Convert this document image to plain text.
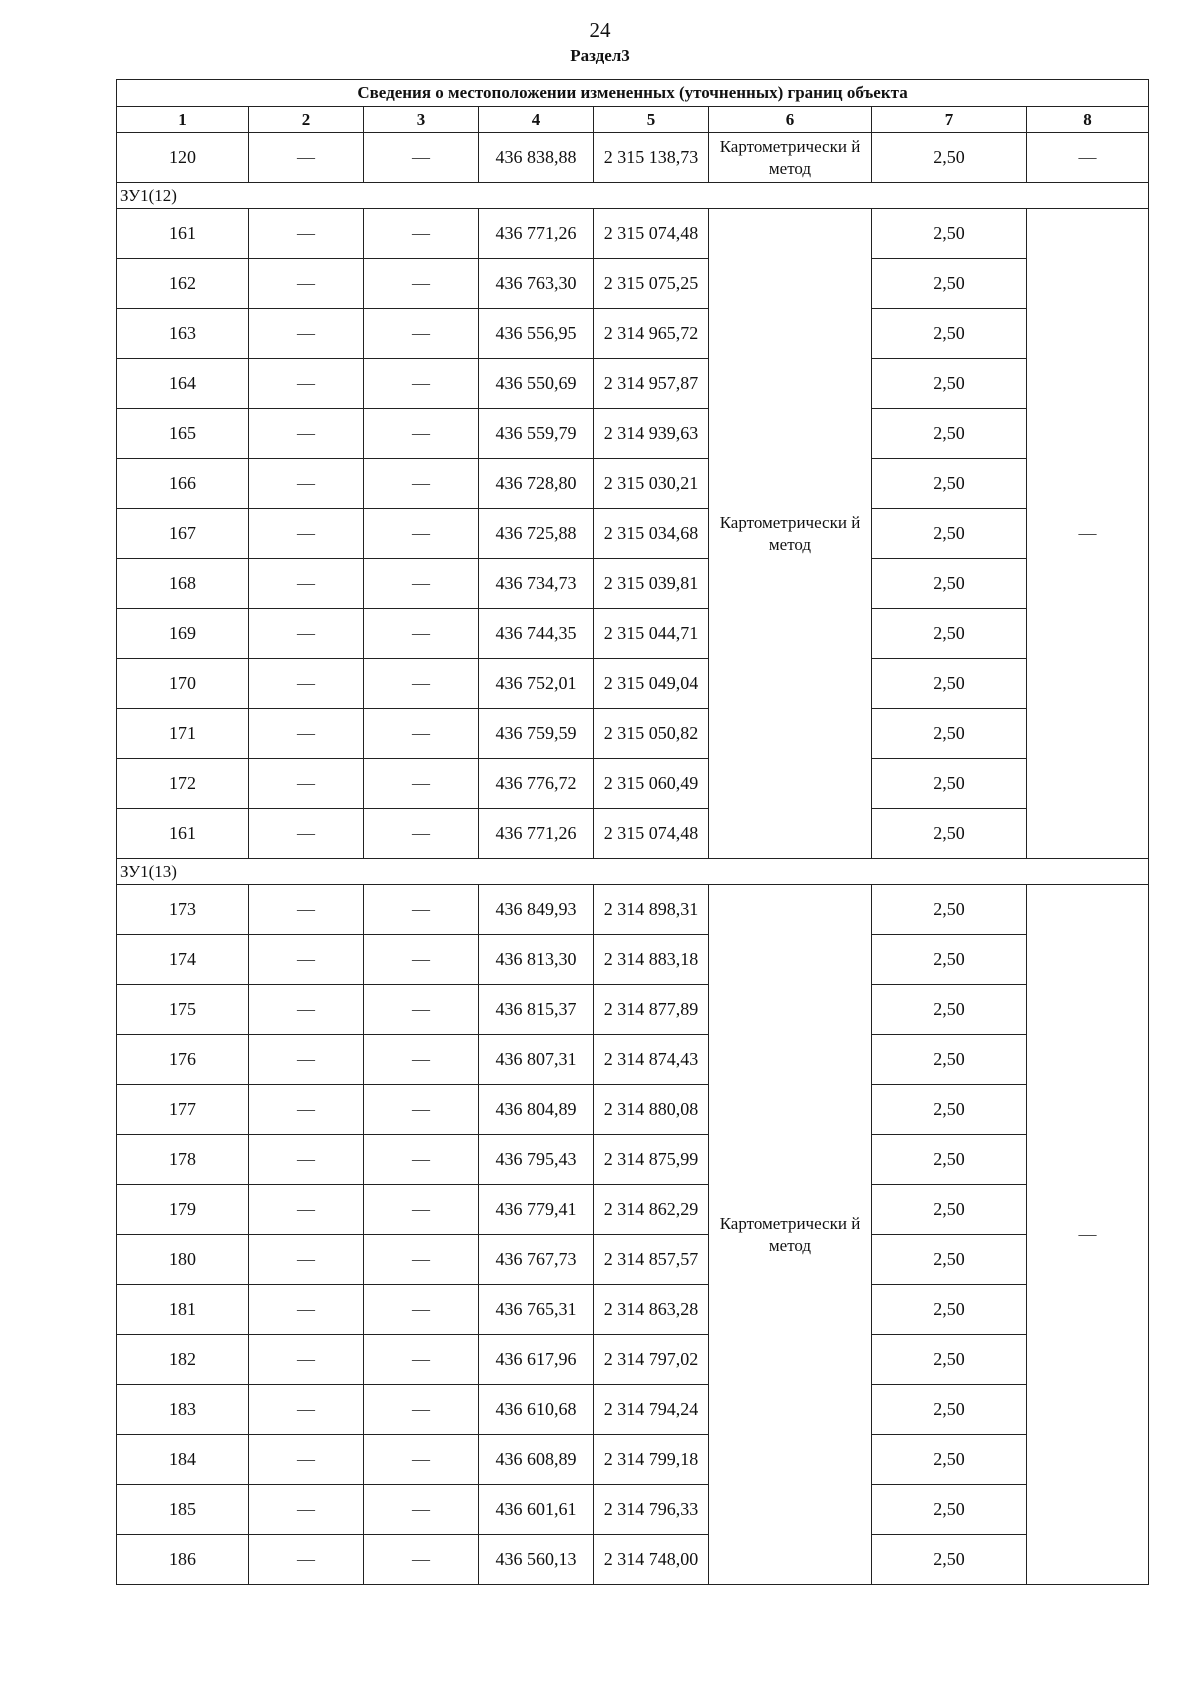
24
Раздел3
Сведения о местоположении измененных (уточненных) границ объекта							
1	2	3	4	5	6	7	8
120	—	—	436 838,88	2 315 138,73	Картометрически й метод	2,50	—
ЗУ1(12)							
161	—	—	436 771,26	2 315 074,48	Картометрически й метод	2,50	—
162	—	—	436 763,30	2 315 075,25		2,50	
163	—	—	436 556,95	2 314 965,72		2,50	
164	—	—	436 550,69	2 314 957,87		2,50	
165	—	—	436 559,79	2 314 939,63		2,50	
166	—	—	436 728,80	2 315 030,21		2,50	
167	—	—	436 725,88	2 315 034,68		2,50	
168	—	—	436 734,73	2 315 039,81		2,50	
169	—	—	436 744,35	2 315 044,71		2,50	
170	—	—	436 752,01	2 315 049,04		2,50	
171	—	—	436 759,59	2 315 050,82		2,50	
172	—	—	436 776,72	2 315 060,49		2,50	
161	—	—	436 771,26	2 315 074,48		2,50	
ЗУ1(13)							
173	—	—	436 849,93	2 314 898,31	Картометрически й метод	2,50	—
174	—	—	436 813,30	2 314 883,18		2,50	
175	—	—	436 815,37	2 314 877,89		2,50	
176	—	—	436 807,31	2 314 874,43		2,50	
177	—	—	436 804,89	2 314 880,08		2,50	
178	—	—	436 795,43	2 314 875,99		2,50	
179	—	—	436 779,41	2 314 862,29		2,50	
180	—	—	436 767,73	2 314 857,57		2,50	
181	—	—	436 765,31	2 314 863,28		2,50	
182	—	—	436 617,96	2 314 797,02		2,50	
183	—	—	436 610,68	2 314 794,24		2,50	
184	—	—	436 608,89	2 314 799,18		2,50	
185	—	—	436 601,61	2 314 796,33		2,50	
186	—	—	436 560,13	2 314 748,00		2,50	
